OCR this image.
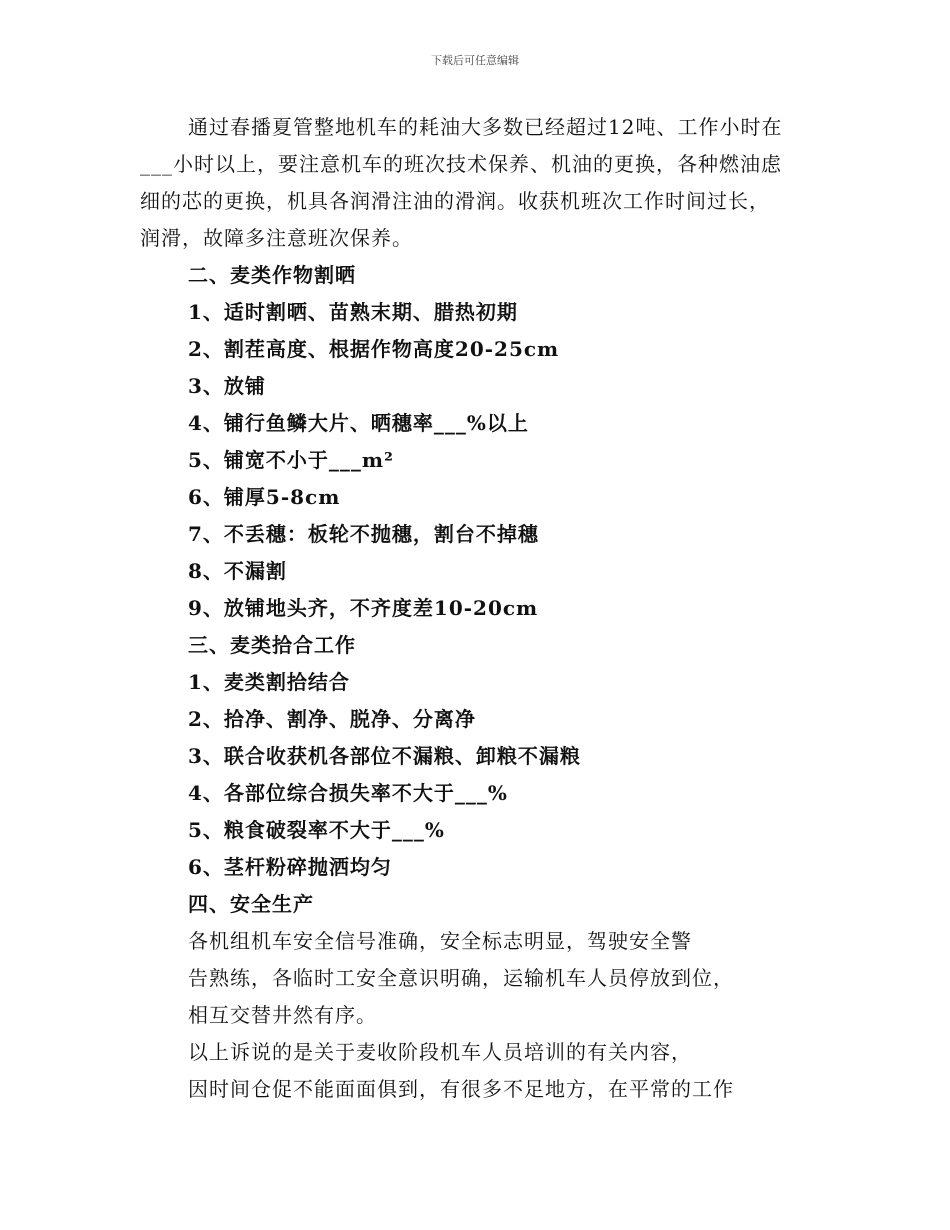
下载后可任意编辑
通过春播夏管整地机车的耗油大多数已经超过12吨、工作小时在
___小时以上，要注意机车的班次技术保养、机油的更换，各种燃油虑
细的芯的更换，机具各润滑注油的滑润。收获机班次工作时间过长，
润滑，故障多注意班次保养。
二、麦类作物割晒
1、适时割晒、苗熟末期、腊热初期
2、割茬高度、根据作物高度20-25cm
3、放铺
4、铺行鱼鳞大片、晒穗率___%以上
5、铺宽不小于___m²
6、铺厚5-8cm
7、不丢穗：板轮不抛穗，割台不掉穗
8、不漏割
9、放铺地头齐，不齐度差10-20cm
三、麦类拾合工作
1、麦类割拾结合
2、拾净、割净、脱净、分离净
3、联合收获机各部位不漏粮、卸粮不漏粮
4、各部位综合损失率不大于___%
5、粮食破裂率不大于___%
6、茎杆粉碎抛洒均匀
四、安全生产
各机组机车安全信号准确，安全标志明显，驾驶安全警
告熟练，各临时工安全意识明确，运输机车人员停放到位，
相互交替井然有序。
以上诉说的是关于麦收阶段机车人员培训的有关内容，
因时间仓促不能面面俱到，有很多不足地方，在平常的工作
